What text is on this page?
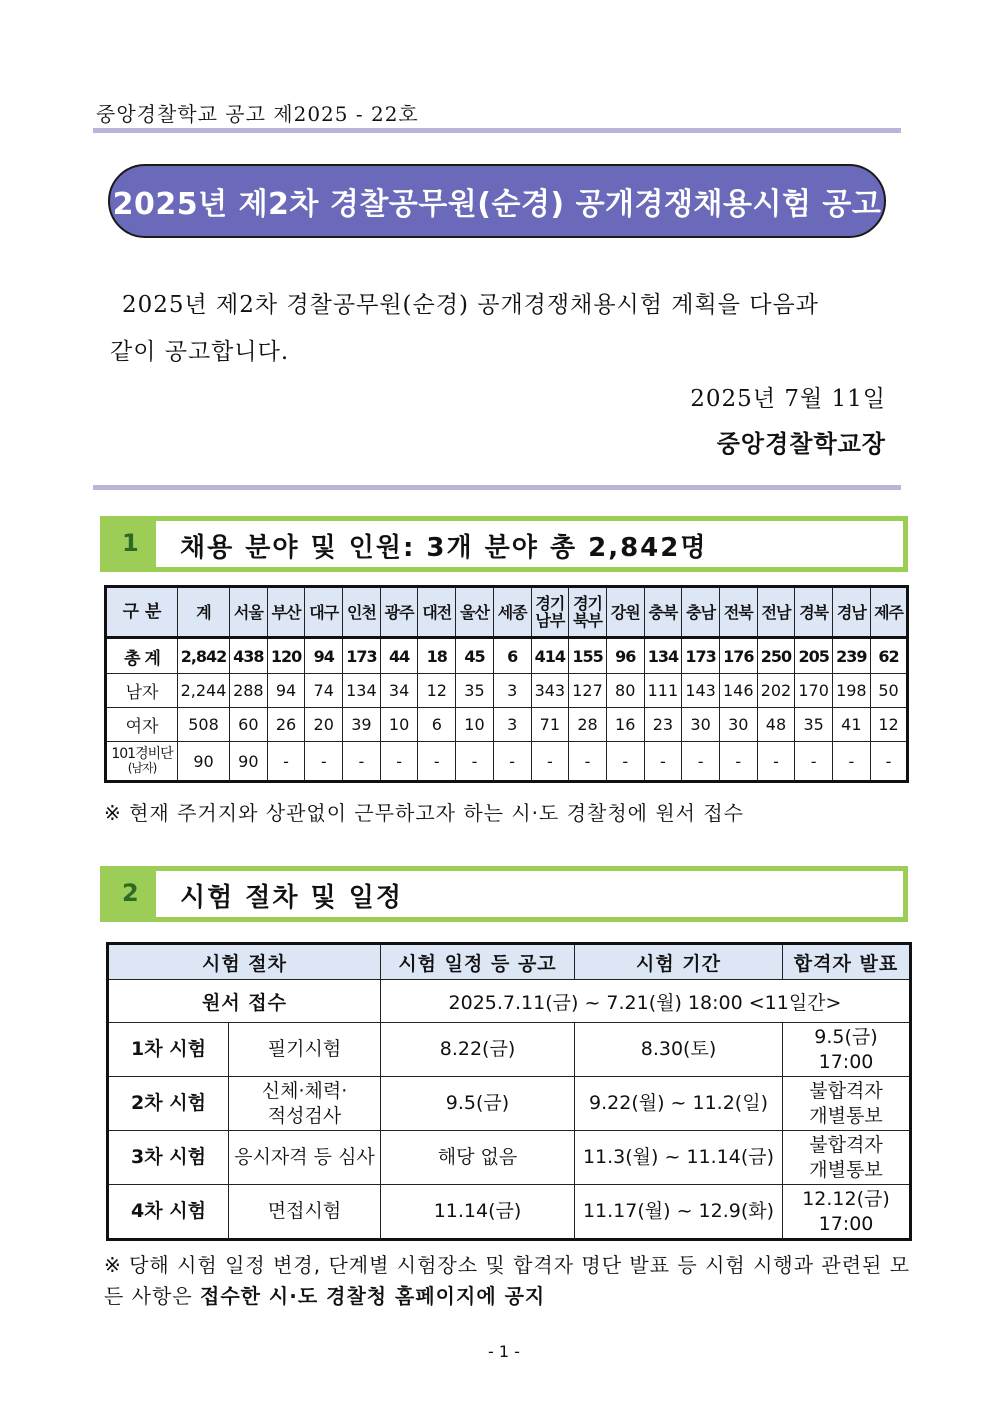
중앙경찰학교 공고 제2025 - 22호
2025년 제2차 경찰공무원(순경) 공개경쟁채용시험 공고
2025년 제2차 경찰공무원(순경) 공개경쟁채용시험 계획을 다음과
같이 공고합니다.
2025년 7월 11일
중앙경찰학교장
1 채용 분야 및 인원: 3개 분야 총 2,842명
구 분	계	서울	부산	대구	인천	광주	대전	울산	세종	경기
남부	경기
북부	강원	충북	충남	전북	전남	경북	경남	제주
총 계	2,842	438	120	94	173	44	18	45	6	414	155	96	134	173	176	250	205	239	62
남자	2,244	288	94	74	134	34	12	35	3	343	127	80	111	143	146	202	170	198	50
여자	508	60	26	20	39	10	6	10	3	71	28	16	23	30	30	48	35	41	12

101경비단
(남자)	90	90	-	-	-	-	-	-	-	-	-	-	-	-	-	-	-	-	-
※ 현재 주거지와 상관없이 근무하고자 하는 시·도 경찰청에 원서 접수
2 시험 절차 및 일정
시험 절차		시험 일정 등 공고	시험 기간	합격자 발표
원서 접수		2025.7.11(금) ~ 7.21(월) 18:00 <11일간>		
1차 시험	필기시험	8.22(금)	8.30(토)	9.5(금)
17:00
2차 시험	신체·체력·
적성검사	9.5(금)	9.22(월) ~ 11.2(일)	불합격자
개별통보
3차 시험	응시자격 등 심사	해당 없음	11.3(월) ~ 11.14(금)	불합격자
개별통보
4차 시험	면접시험	11.14(금)	11.17(월) ~ 12.9(화)	12.12(금)
17:00
※ 당해 시험 일정 변경, 단계별 시험장소 및 합격자 명단 발표 등 시험 시행과 관련된 모든 사항은 접수한 시·도 경찰청 홈페이지에 공지
- 1 -
